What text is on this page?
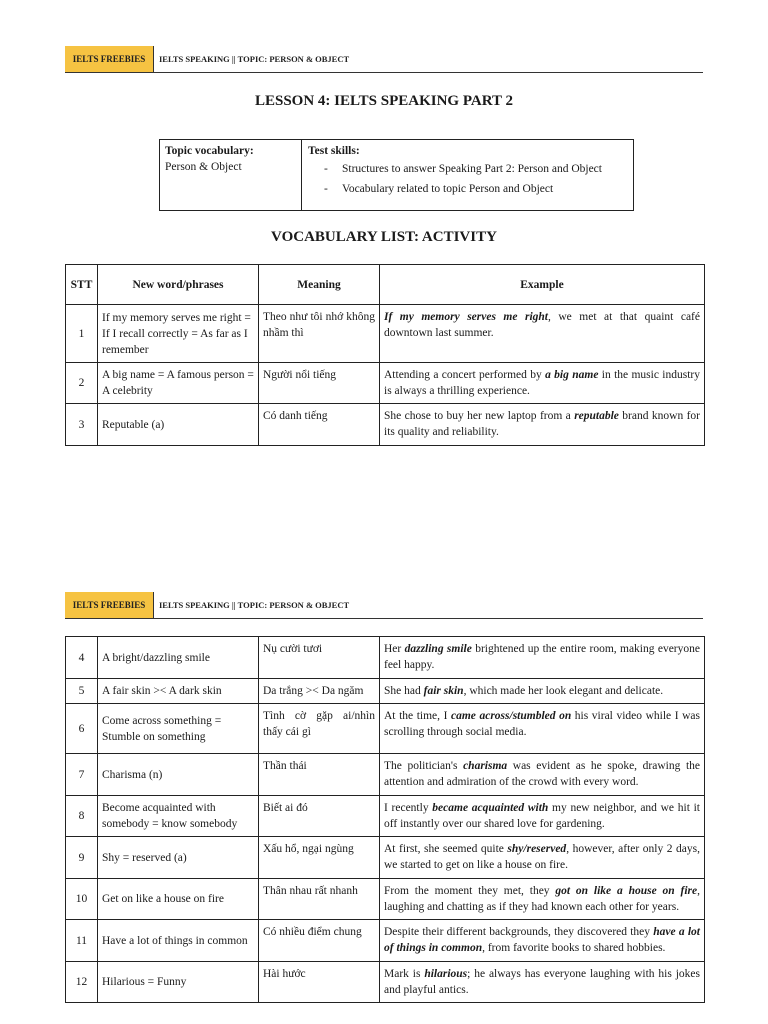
IELTS FREEBIES	IELTS SPEAKING || TOPIC: PERSON & OBJECT
LESSON 4: IELTS SPEAKING PART 2
Topic vocabulary:
Person & Object
Test skills:
- Structures to answer Speaking Part 2: Person and Object
- Vocabulary related to topic Person and Object
VOCABULARY LIST: ACTIVITY
STT	New word/phrases	Meaning	Example
1	If my memory serves me right = If I recall correctly = As far as I remember	Theo như tôi nhớ không nhầm thì	If my memory serves me right, we met at that quaint café downtown last summer.
2	A big name = A famous person = A celebrity	Người nổi tiếng	Attending a concert performed by a big name in the music industry is always a thrilling experience.
3	Reputable (a)	Có danh tiếng	She chose to buy her new laptop from a reputable brand known for its quality and reliability.
IELTS FREEBIES	IELTS SPEAKING || TOPIC: PERSON & OBJECT
4	A bright/dazzling smile	Nụ cười tươi	Her dazzling smile brightened up the entire room, making everyone feel happy.
5	A fair skin >< A dark skin	Da trắng >< Da ngăm	She had fair skin, which made her look elegant and delicate.
6	Come across something = Stumble on something	Tình cờ gặp ai/nhìn thấy cái gì	At the time, I came across/stumbled on his viral video while I was scrolling through social media.
7	Charisma (n)	Thần thái	The politician's charisma was evident as he spoke, drawing the attention and admiration of the crowd with every word.
8	Become acquainted with somebody = know somebody	Biết ai đó	I recently became acquainted with my new neighbor, and we hit it off instantly over our shared love for gardening.
9	Shy = reserved (a)	Xấu hổ, ngại ngùng	At first, she seemed quite shy/reserved, however, after only 2 days, we started to get on like a house on fire.
10	Get on like a house on fire	Thân nhau rất nhanh	From the moment they met, they got on like a house on fire, laughing and chatting as if they had known each other for years.
11	Have a lot of things in common	Có nhiều điểm chung	Despite their different backgrounds, they discovered they have a lot of things in common, from favorite books to shared hobbies.
12	Hilarious = Funny	Hài hước	Mark is hilarious; he always has everyone laughing with his jokes and playful antics.
